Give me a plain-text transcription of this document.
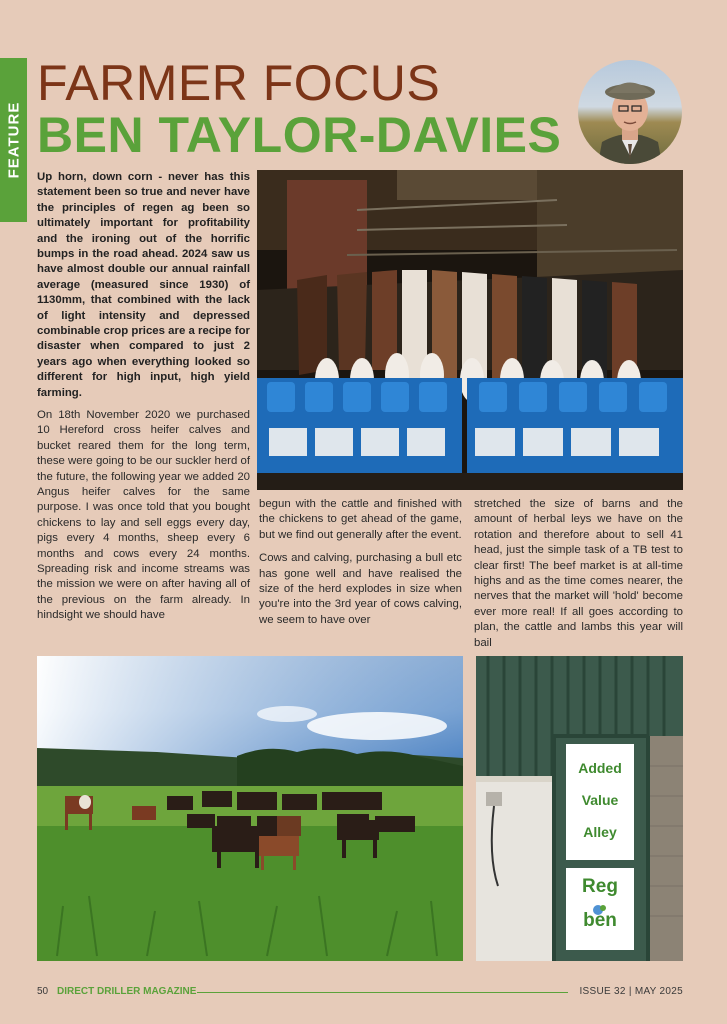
FEATURE
FARMER FOCUS
BEN TAYLOR-DAVIES

Up horn, down corn - never has this statement been so true and never have the principles of regen ag been so ultimately important for profitability and the ironing out of the horrific bumps in the road ahead. 2024 saw us have almost double our annual rainfall average (measured since 1930) of 1130mm, that combined with the lack of light intensity and depressed combinable crop prices are a recipe for disaster when compared to just 2 years ago when everything looked so different for high input, high yield farming.

On 18th November 2020 we purchased 10 Hereford cross heifer calves and bucket reared them for the long term, these were going to be our suckler herd of the future, the following year we added 20 Angus heifer calves for the same purpose. I was once told that you bought chickens to lay and sell eggs every day, pigs every 4 months, sheep every 6 months and cows every 24 months. Spreading risk and income streams was the mission we were on after having all of the previous on the farm already. In hindsight we should have

begun with the cattle and finished with the chickens to get ahead of the game, but we find out generally after the event.

Cows and calving, purchasing a bull etc has gone well and have realised the size of the herd explodes in size when you're into the 3rd year of cows calving, we seem to have over

stretched the size of barns and the amount of herbal leys we have on the rotation and therefore about to sell 41 head, just the simple task of a TB test to clear first! The beef market is at all-time highs and as the time comes nearer, the nerves that the market will 'hold' become ever more real! If all goes according to plan, the cattle and lambs this year will bail

Added
Value
Alley
Reg
ben
50 DIRECT DRILLER MAGAZINE	ISSUE 32 | MAY 2025
